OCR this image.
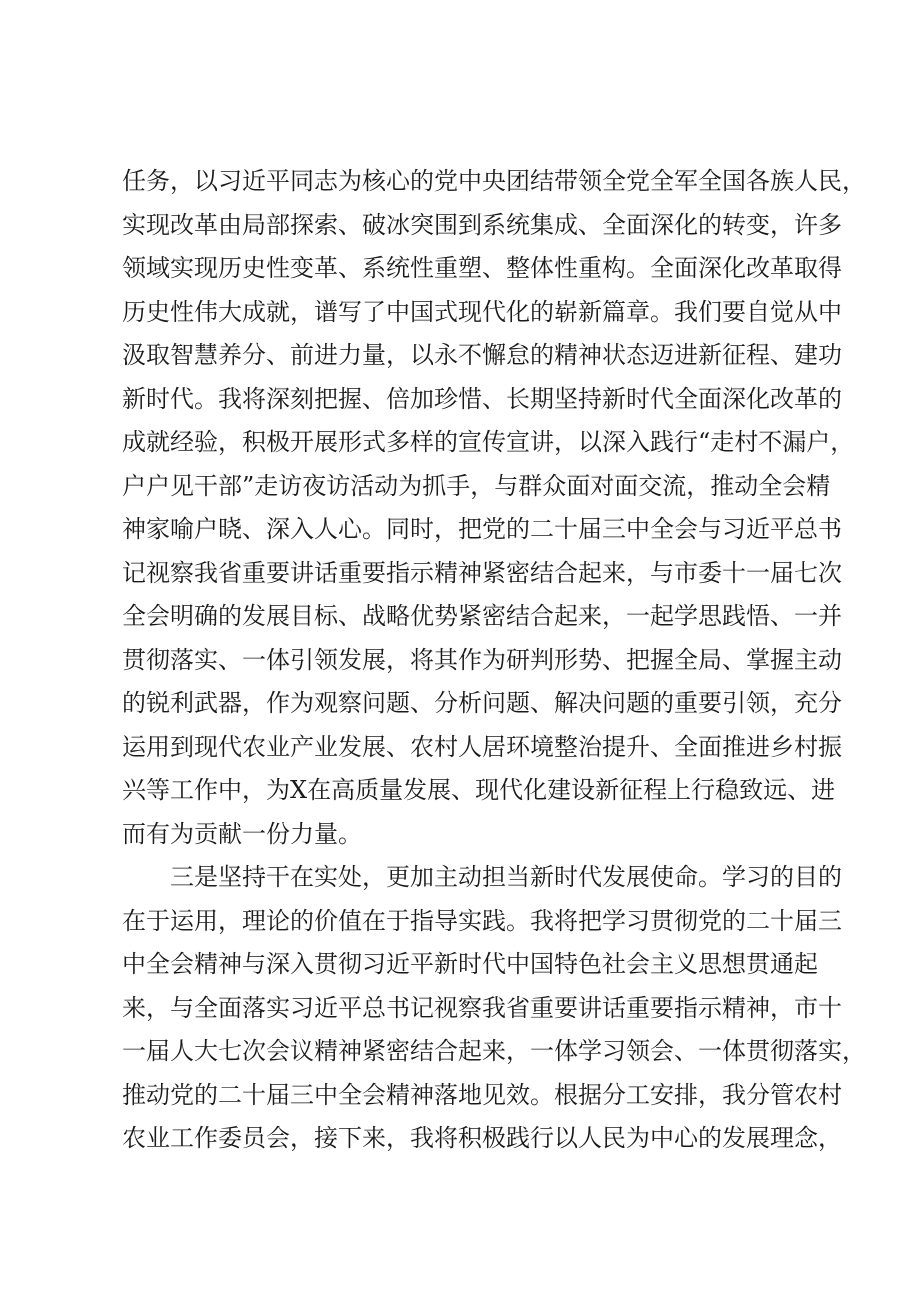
任务，以习近平同志为核心的党中央团结带领全党全军全国各族人民，
实现改革由局部探索、破冰突围到系统集成、全面深化的转变，许多
领域实现历史性变革、系统性重塑、整体性重构。全面深化改革取得
历史性伟大成就，谱写了中国式现代化的崭新篇章。我们要自觉从中
汲取智慧养分、前进力量，以永不懈怠的精神状态迈进新征程、建功
新时代。我将深刻把握、倍加珍惜、长期坚持新时代全面深化改革的
成就经验，积极开展形式多样的宣传宣讲，以深入践行“走村不漏户，
户户见干部”走访夜访活动为抓手，与群众面对面交流，推动全会精
神家喻户晓、深入人心。同时，把党的二十届三中全会与习近平总书
记视察我省重要讲话重要指示精神紧密结合起来，与市委十一届七次
全会明确的发展目标、战略优势紧密结合起来，一起学思践悟、一并
贯彻落实、一体引领发展，将其作为研判形势、把握全局、掌握主动
的锐利武器，作为观察问题、分析问题、解决问题的重要引领，充分
运用到现代农业产业发展、农村人居环境整治提升、全面推进乡村振
兴等工作中，为X在高质量发展、现代化建设新征程上行稳致远、进
而有为贡献一份力量。
三是坚持干在实处，更加主动担当新时代发展使命。学习的目的
在于运用，理论的价值在于指导实践。我将把学习贯彻党的二十届三
中全会精神与深入贯彻习近平新时代中国特色社会主义思想贯通起
来，与全面落实习近平总书记视察我省重要讲话重要指示精神，市十
一届人大七次会议精神紧密结合起来，一体学习领会、一体贯彻落实，
推动党的二十届三中全会精神落地见效。根据分工安排，我分管农村
农业工作委员会，接下来，我将积极践行以人民为中心的发展理念，
